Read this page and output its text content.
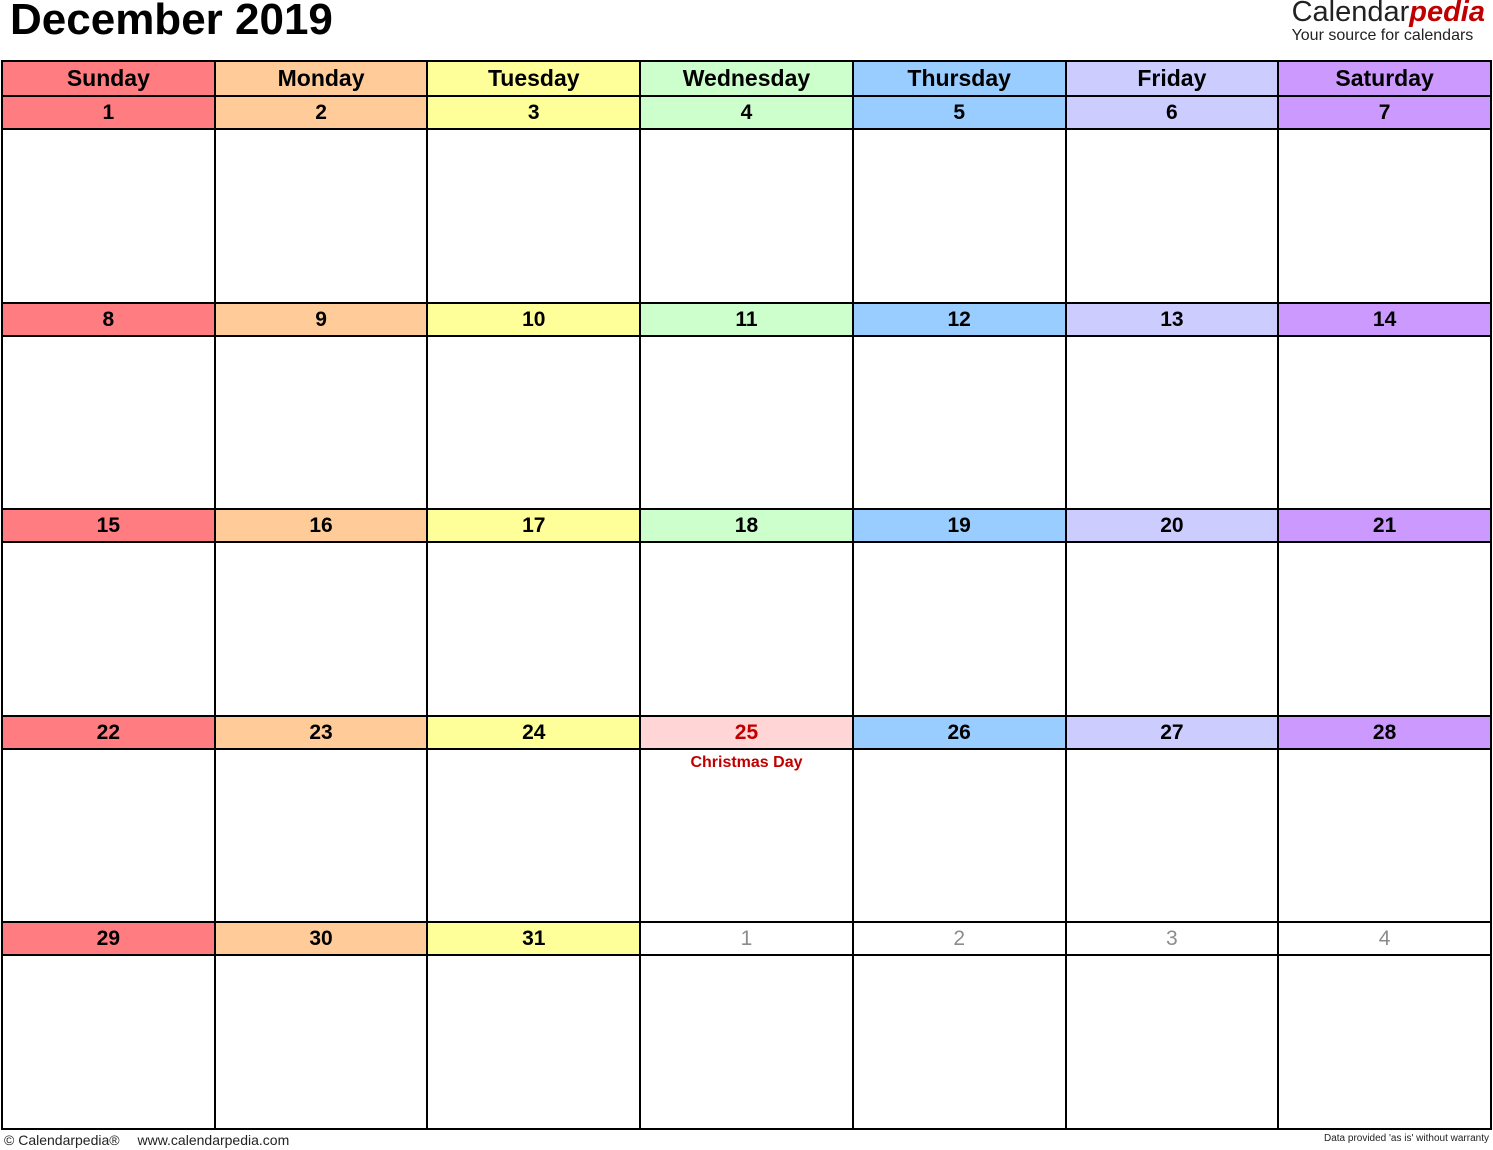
December 2019	Calendarpedia
Your source for calendars
Sunday	Monday	Tuesday	Wednesday	Thursday	Friday	Saturday
1	2	3	4	5	6	7

8	9	10	11	12	13	14

15	16	17	18	19	20	21

22	23	24	25	26	27	28

			Christmas Day			

29	30	31	1	2	3	4

© Calendarpedia® www.calendarpedia.com	Data provided 'as is' without warranty
